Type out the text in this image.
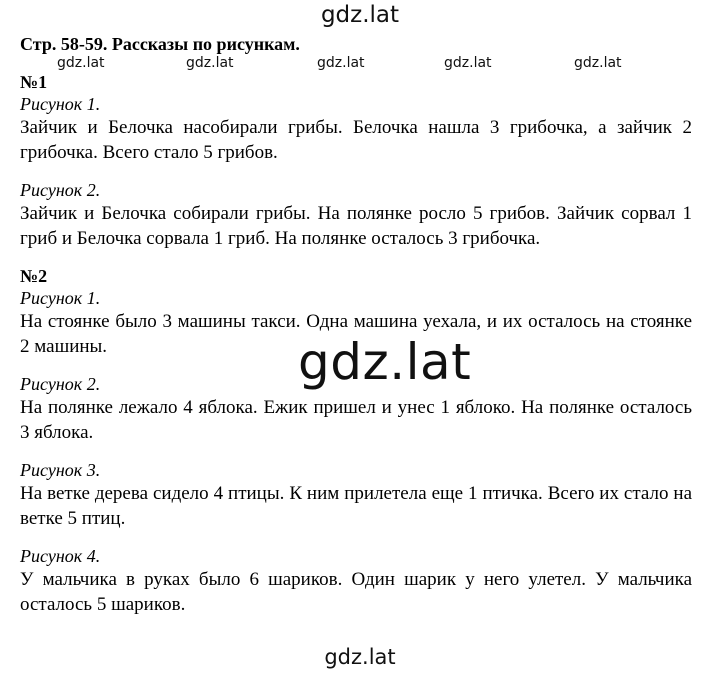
gdz.lat
gdz.lat	gdz.lat	gdz.lat	gdz.lat	gdz.lat

Стр. 58-59. Рассказы по рисункам.

№1

Рисунок 1.

Зайчик и Белочка насобирали грибы. Белочка нашла 3 грибочка, а зайчик 2 грибочка. Всего стало 5 грибов.

Рисунок 2.

Зайчик и Белочка собирали грибы. На полянке росло 5 грибов. Зайчик сорвал 1 гриб и Белочка сорвала 1 гриб. На полянке осталось 3 грибочка.

№2

Рисунок 1.

На стоянке было 3 машины такси. Одна машина уехала, и их осталось на стоянке 2 машины.

Рисунок 2.

На полянке лежало 4 яблока. Ежик пришел и унес 1 яблоко. На полянке осталось 3 яблока.

Рисунок 3.

На ветке дерева сидело 4 птицы. К ним прилетела еще 1 птичка. Всего их стало на ветке 5 птиц.

Рисунок 4.

У мальчика в руках было 6 шариков. Один шарик у него улетел. У мальчика осталось 5 шариков.

gdz.lat
gdz.lat
